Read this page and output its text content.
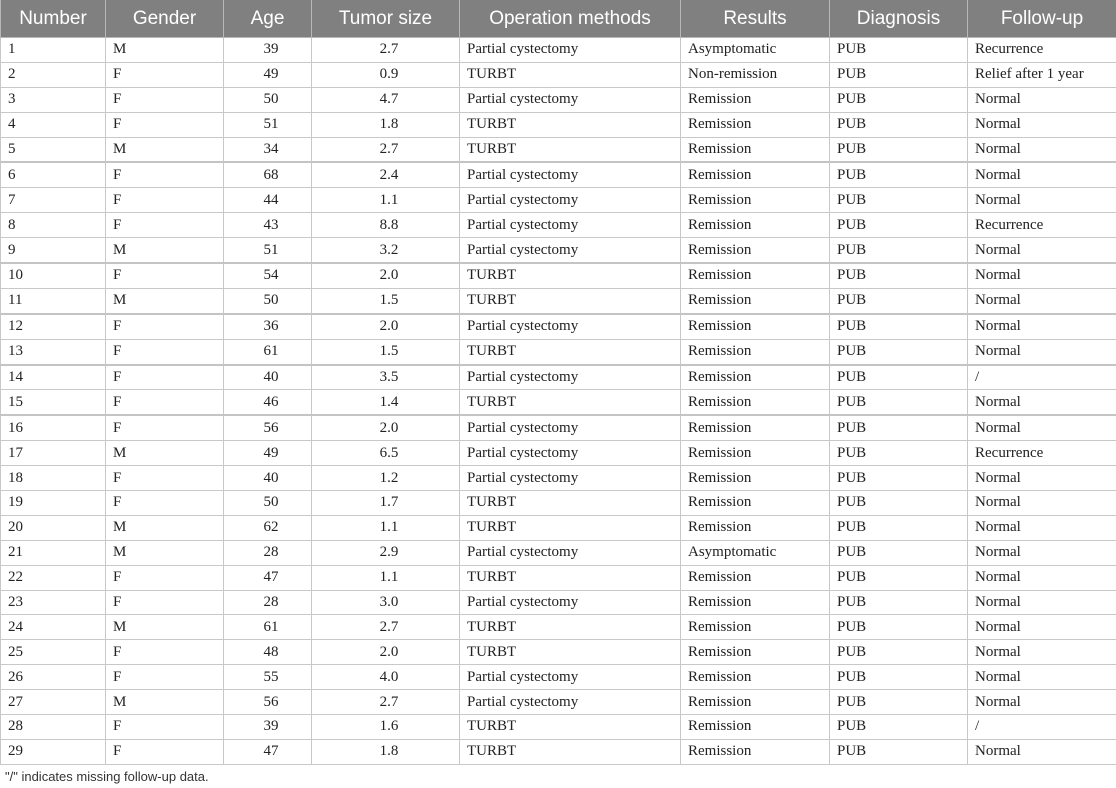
Number	Gender	Age	Tumor size	Operation methods	Results	Diagnosis	Follow-up
1	M	39	2.7	Partial cystectomy	Asymptomatic	PUB	Recurrence
2	F	49	0.9	TURBT	Non-remission	PUB	Relief after 1 year
3	F	50	4.7	Partial cystectomy	Remission	PUB	Normal
4	F	51	1.8	TURBT	Remission	PUB	Normal
5	M	34	2.7	TURBT	Remission	PUB	Normal
6	F	68	2.4	Partial cystectomy	Remission	PUB	Normal
7	F	44	1.1	Partial cystectomy	Remission	PUB	Normal
8	F	43	8.8	Partial cystectomy	Remission	PUB	Recurrence
9	M	51	3.2	Partial cystectomy	Remission	PUB	Normal
10	F	54	2.0	TURBT	Remission	PUB	Normal
11	M	50	1.5	TURBT	Remission	PUB	Normal
12	F	36	2.0	Partial cystectomy	Remission	PUB	Normal
13	F	61	1.5	TURBT	Remission	PUB	Normal
14	F	40	3.5	Partial cystectomy	Remission	PUB	/
15	F	46	1.4	TURBT	Remission	PUB	Normal
16	F	56	2.0	Partial cystectomy	Remission	PUB	Normal
17	M	49	6.5	Partial cystectomy	Remission	PUB	Recurrence
18	F	40	1.2	Partial cystectomy	Remission	PUB	Normal
19	F	50	1.7	TURBT	Remission	PUB	Normal
20	M	62	1.1	TURBT	Remission	PUB	Normal
21	M	28	2.9	Partial cystectomy	Asymptomatic	PUB	Normal
22	F	47	1.1	TURBT	Remission	PUB	Normal
23	F	28	3.0	Partial cystectomy	Remission	PUB	Normal
24	M	61	2.7	TURBT	Remission	PUB	Normal
25	F	48	2.0	TURBT	Remission	PUB	Normal
26	F	55	4.0	Partial cystectomy	Remission	PUB	Normal
27	M	56	2.7	Partial cystectomy	Remission	PUB	Normal
28	F	39	1.6	TURBT	Remission	PUB	/
29	F	47	1.8	TURBT	Remission	PUB	Normal

"/" indicates missing follow-up data.
